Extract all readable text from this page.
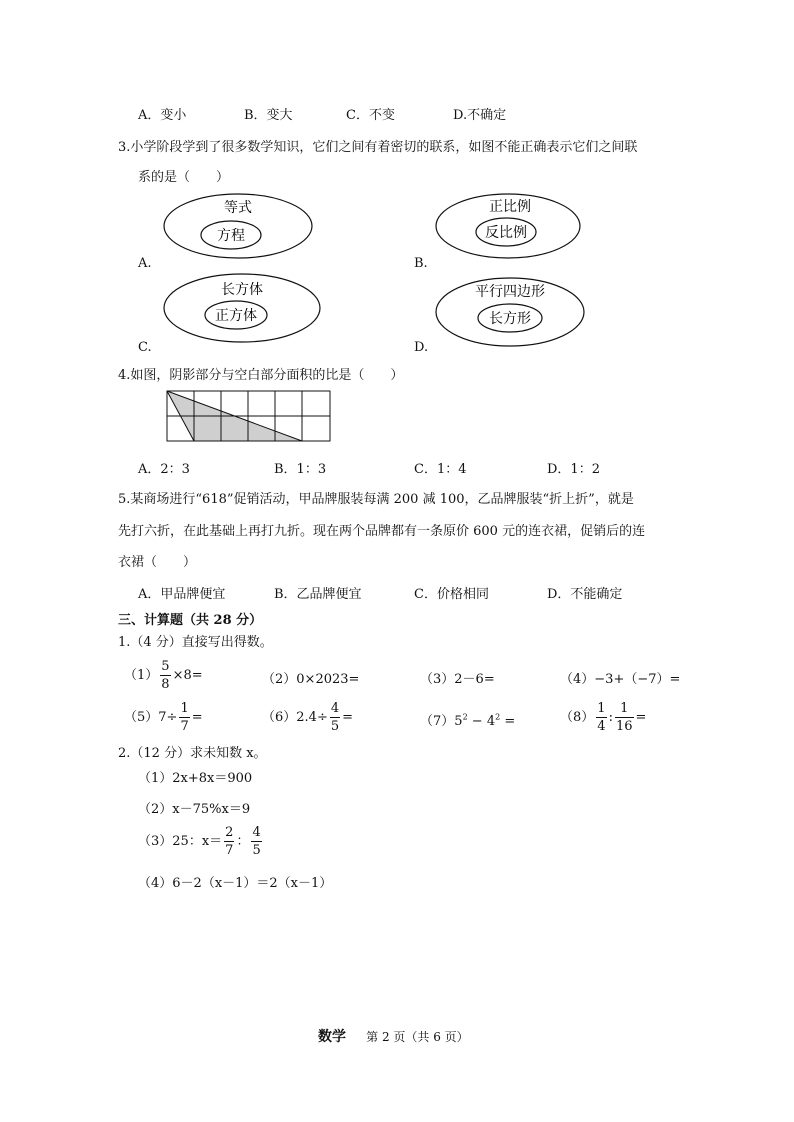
A．变小	B．变大	C．不变	D.不确定
3.小学阶段学到了很多数学知识，它们之间有着密切的联系，如图不能正确表示它们之间联
系的是（　　）
等式
方程
正比例
反比例
长方体
正方体
平行四边形
长方形
A.	B.
C.	D.
4.如图，阴影部分与空白部分面积的比是（　　）
A．2：3	B．1：3	C．1：4	D．1：2
5.某商场进行“618”促销活动，甲品牌服装每满 200 减 100，乙品牌服装“折上折”，就是
先打六折，在此基础上再打九折。现在两个品牌都有一条原价 600 元的连衣裙，促销后的连
衣裙（　　）
A．甲品牌便宜	B．乙品牌便宜	C．价格相同	D．不能确定
三、计算题（共 28 分）
1.（4 分）直接写出得数。
$(1) \frac{5}{8} \times 8=$	（2）0×2023=	（3）2－6=	（4）−3+（−7）=
$(5)7\div \frac{1}{7}$ =	$(6)2.4\div \frac{4}{5}$ =	$(7)5^2 - 4^2$ =	$(8) \frac{1}{4}$ : $\frac{1}{16}$ =
2.（12 分）求未知数 x。
（1）2x+8x＝900
（2）x－75%x＝9
（3）25：$x= \frac{2}{7}$ ： $\frac{4}{5}$
（4）6－2（x－1）＝2（x－1）
数学 第 2 页（共 6 页）
